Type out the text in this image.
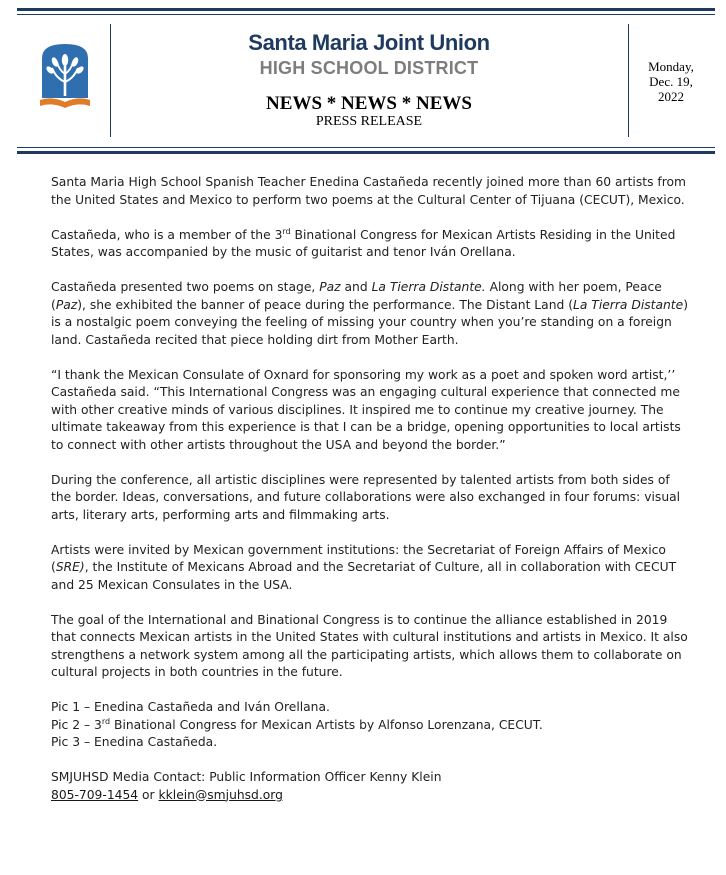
Santa Maria Joint Union
HIGH SCHOOL DISTRICT
NEWS * NEWS * NEWS
PRESS RELEASE
Monday,
Dec. 19,
2022

Santa Maria High School Spanish Teacher Enedina Castañeda recently joined more than 60 artists from the United States and Mexico to perform two poems at the Cultural Center of Tijuana (CECUT), Mexico.

Castañeda, who is a member of the 3rd Binational Congress for Mexican Artists Residing in the United States, was accompanied by the music of guitarist and tenor Iván Orellana.

Castañeda presented two poems on stage, Paz and La Tierra Distante. Along with her poem, Peace (Paz), she exhibited the banner of peace during the performance. The Distant Land (La Tierra Distante) is a nostalgic poem conveying the feeling of missing your country when you’re standing on a foreign land. Castañeda recited that piece holding dirt from Mother Earth.

“I thank the Mexican Consulate of Oxnard for sponsoring my work as a poet and spoken word artist,’’ Castañeda said. “This International Congress was an engaging cultural experience that connected me with other creative minds of various disciplines. It inspired me to continue my creative journey. The ultimate takeaway from this experience is that I can be a bridge, opening opportunities to local artists to connect with other artists throughout the USA and beyond the border.”

During the conference, all artistic disciplines were represented by talented artists from both sides of the border. Ideas, conversations, and future collaborations were also exchanged in four forums: visual arts, literary arts, performing arts and filmmaking arts.

Artists were invited by Mexican government institutions: the Secretariat of Foreign Affairs of Mexico (SRE), the Institute of Mexicans Abroad and the Secretariat of Culture, all in collaboration with CECUT and 25 Mexican Consulates in the USA.

The goal of the International and Binational Congress is to continue the alliance established in 2019 that connects Mexican artists in the United States with cultural institutions and artists in Mexico. It also strengthens a network system among all the participating artists, which allows them to collaborate on cultural projects in both countries in the future.

Pic 1 – Enedina Castañeda and Iván Orellana.

Pic 2 – 3rd Binational Congress for Mexican Artists by Alfonso Lorenzana, CECUT.

Pic 3 – Enedina Castañeda.

SMJUHSD Media Contact: Public Information Officer Kenny Klein

805-709-1454 or kklein@smjuhsd.org
